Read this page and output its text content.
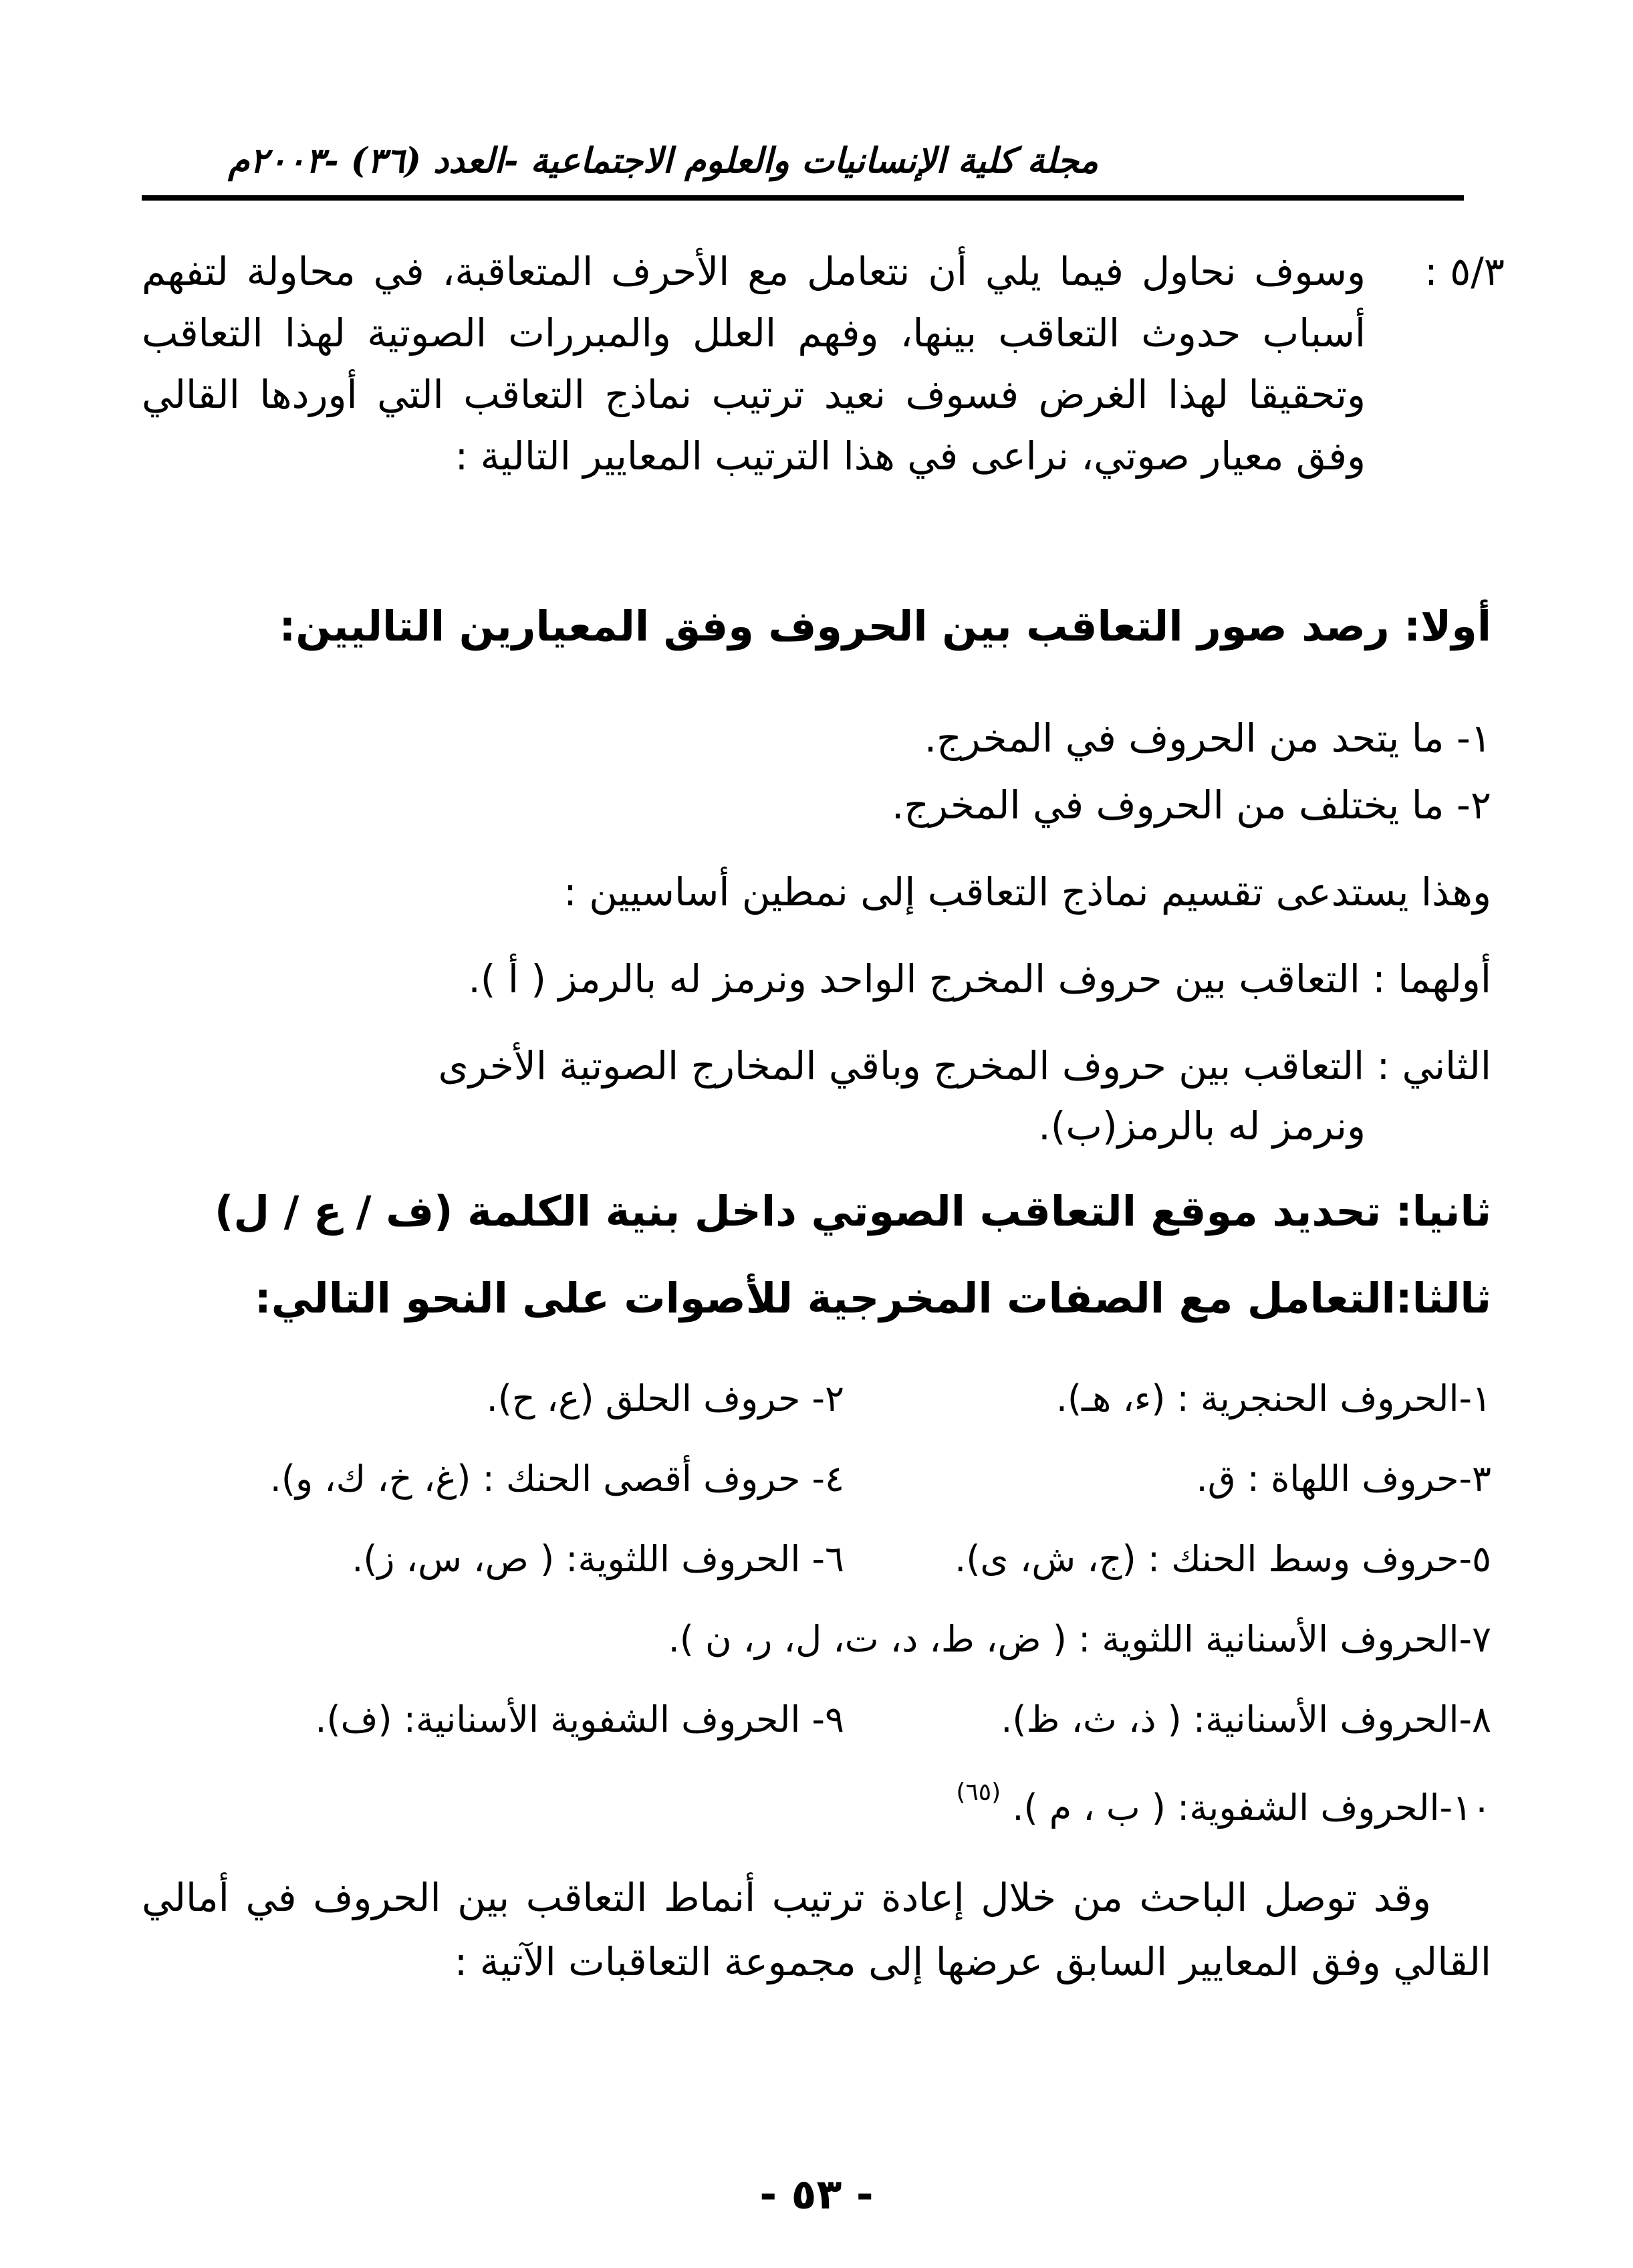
مجلة كلية الإنسانيات والعلوم الاجتماعية -العدد (٣٦) -٢٠٠٣م
٥/٣ :
وسوف نحاول فيما يلي أن نتعامل مع الأحرف المتعاقبة، في محاولة لتفهم أسباب حدوث التعاقب بينها، وفهم العلل والمبررات الصوتية لهذا التعاقب وتحقيقا لهذا الغرض فسوف نعيد ترتيب نماذج التعاقب التي أوردها القالي وفق معيار صوتي، نراعى في هذا الترتيب المعايير التالية :
أولا: رصد صور التعاقب بين الحروف وفق المعيارين التاليين:
١- ما يتحد من الحروف في المخرج.
٢- ما يختلف من الحروف في المخرج.
وهذا يستدعى تقسيم نماذج التعاقب إلى نمطين أساسيين :
أولهما : التعاقب بين حروف المخرج الواحد ونرمز له بالرمز ( أ ).
الثاني : التعاقب بين حروف المخرج وباقي المخارج الصوتية الأخرى
ونرمز له بالرمز(ب).
ثانيا: تحديد موقع التعاقب الصوتي داخل بنية الكلمة (ف / ع / ل)
ثالثا:التعامل مع الصفات المخرجية للأصوات على النحو التالي:
١-الحروف الحنجرية : (ء، هـ).
٢- حروف الحلق (ع، ح).
٣-حروف اللهاة : ق.
٤- حروف أقصى الحنك : (غ، خ، ك، و).
٥-حروف وسط الحنك : (ج، ش، ى).
٦- الحروف اللثوية: ( ص، س، ز).
٧-الحروف الأسنانية اللثوية : ( ض، ط، د، ت، ل، ر، ن ).
٨-الحروف الأسنانية: ( ذ، ث، ظ).
٩- الحروف الشفوية الأسنانية: (ف).
١٠-الحروف الشفوية: ( ب ، م ). $^{(٦٥)}$
وقد توصل الباحث من خلال إعادة ترتيب أنماط التعاقب بين الحروف في أمالي القالي وفق المعايير السابق عرضها إلى مجموعة التعاقبات الآتية :
- ٥٣ -
